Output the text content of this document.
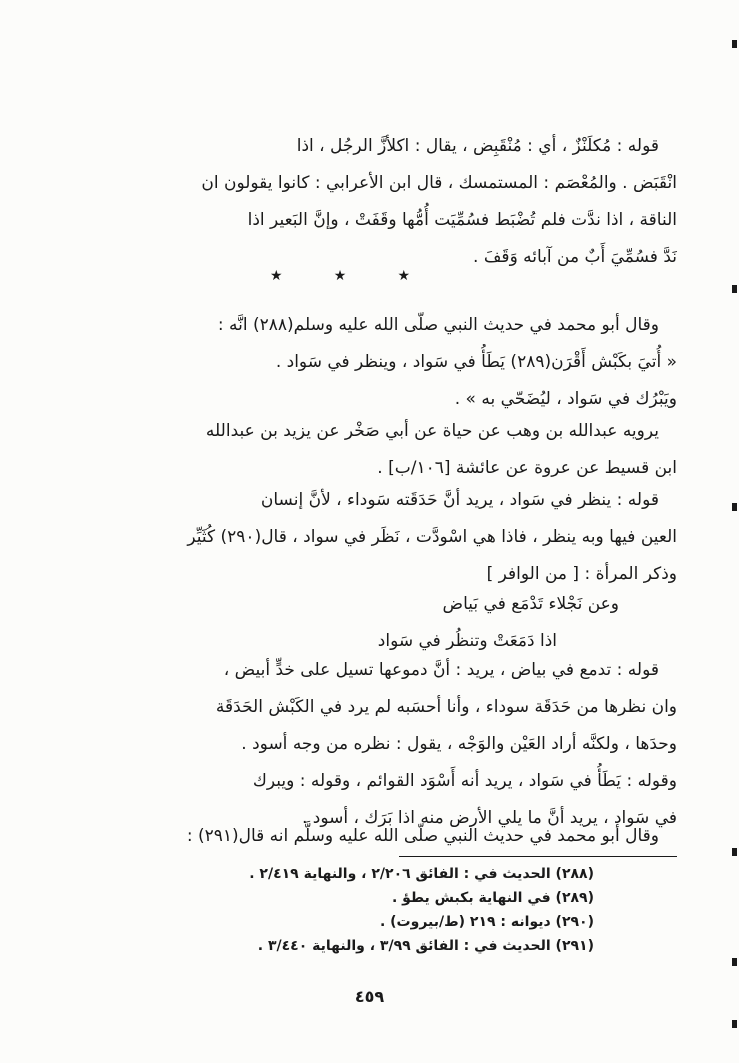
قوله : مُكلَنْزٌ ، أي : مُنْقَبِض ، يقال : اكلأزَّ الرجُل ، اذا
انْقَبَض . والمُعْصَم : المستمسك ، قال ابن الأعرابي : كانوا يقولون ان
الناقة ، اذا ندَّت فلم تُضْبَط فسُمِّيَت أُمُّها وقَفَتْ ، وإنَّ البَعير اذا
نَدَّ فسُمِّيَ أَبٌ من آبائه وَقَفَ .
★	★	★
وقال أبو محمد في حديث النبي صلّى الله عليه وسلم(٢٨٨) انَّه :
« أُتيَ بكَبْش أَقْرَن(٢٨٩) يَطَأُ في سَواد ، وينظر في سَواد .
ويَبْرُك في سَواد ، ليُضَحّي به » .
يرويه عبدالله بن وهب عن حياة عن أبي صَخْر عن يزيد بن عبدالله
ابن قسيط عن عروة عن عائشة [١٠٦/ب] .
قوله : ينظر في سَواد ، يريد أنَّ حَدَقَته سَوداء ، لأنَّ إنسان
العين فيها وبه ينظر ، فاذا هي اسْودَّت ، نَظَر في سواد ، قال(٢٩٠) كُثَيِّر
وذكر المرأة : [ من الوافر ]
وعن نَجْلاء تَدْمَع في بَياض
اذا دَمَعَتْ وتنظُر في سَواد
قوله : تدمع في بياض ، يريد : أنَّ دموعها تسيل على خدٍّ أبيض ،
وان نظرها من حَدَقَة سوداء ، وأنا أحسَبه لم يرد في الكَبْش الحَدَقَة
وحدَها ، ولكنَّه أراد العَيْن والوَجْه ، يقول : نظره من وجه أسود .
وقوله : يَطَأُ في سَواد ، يريد أنه أَسْوَد القوائم ، وقوله : ويبرك
في سَواد ، يريد أنَّ ما يلي الأرض منه اذا بَرَك ، أسود .
وقال أبو محمد في حديث النبي صلّى الله عليه وسلَّم انه قال(٢٩١) :
(٢٨٨) الحديث في : الفائق ٢/٢٠٦ ، والنهاية ٢/٤١٩ .
(٢٨٩) في النهاية بكبش يطؤ .
(٢٩٠) ديوانه : ٢١٩ (ط/بيروت) .
(٢٩١) الحديث في : الفائق ٣/٩٩ ، والنهاية ٣/٤٤٠ .
٤٥٩
